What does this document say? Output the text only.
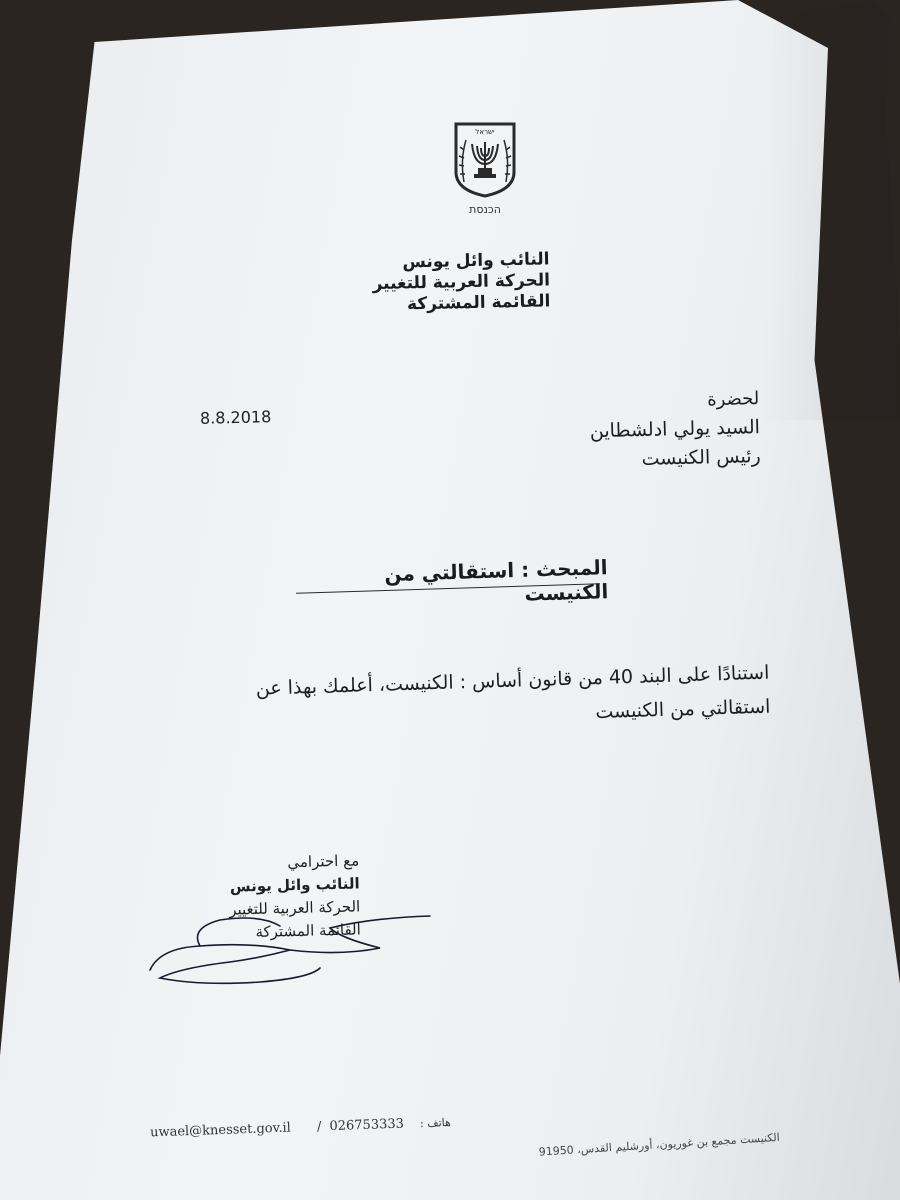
ישראל
הכנסת
النائب وائل يونس
الحركة العربية للتغيير
القائمة المشتركة
لحضرة
السيد يولي ادلشطاين
رئيس الكنيست
8.8.2018
المبحث : استقالتي من الكنيست
استنادًا على البند 40 من قانون أساس : الكنيست، أعلمك بهذا عن
استقالتي من الكنيست
مع احترامي
النائب وائل يونس
الحركة العربية للتغيير
القائمة المشتركة
uwael@knesset.gov.il / 026753333 هاتف :
الكنيست مجمع بن غوريون، أورشليم القدس، 91950
